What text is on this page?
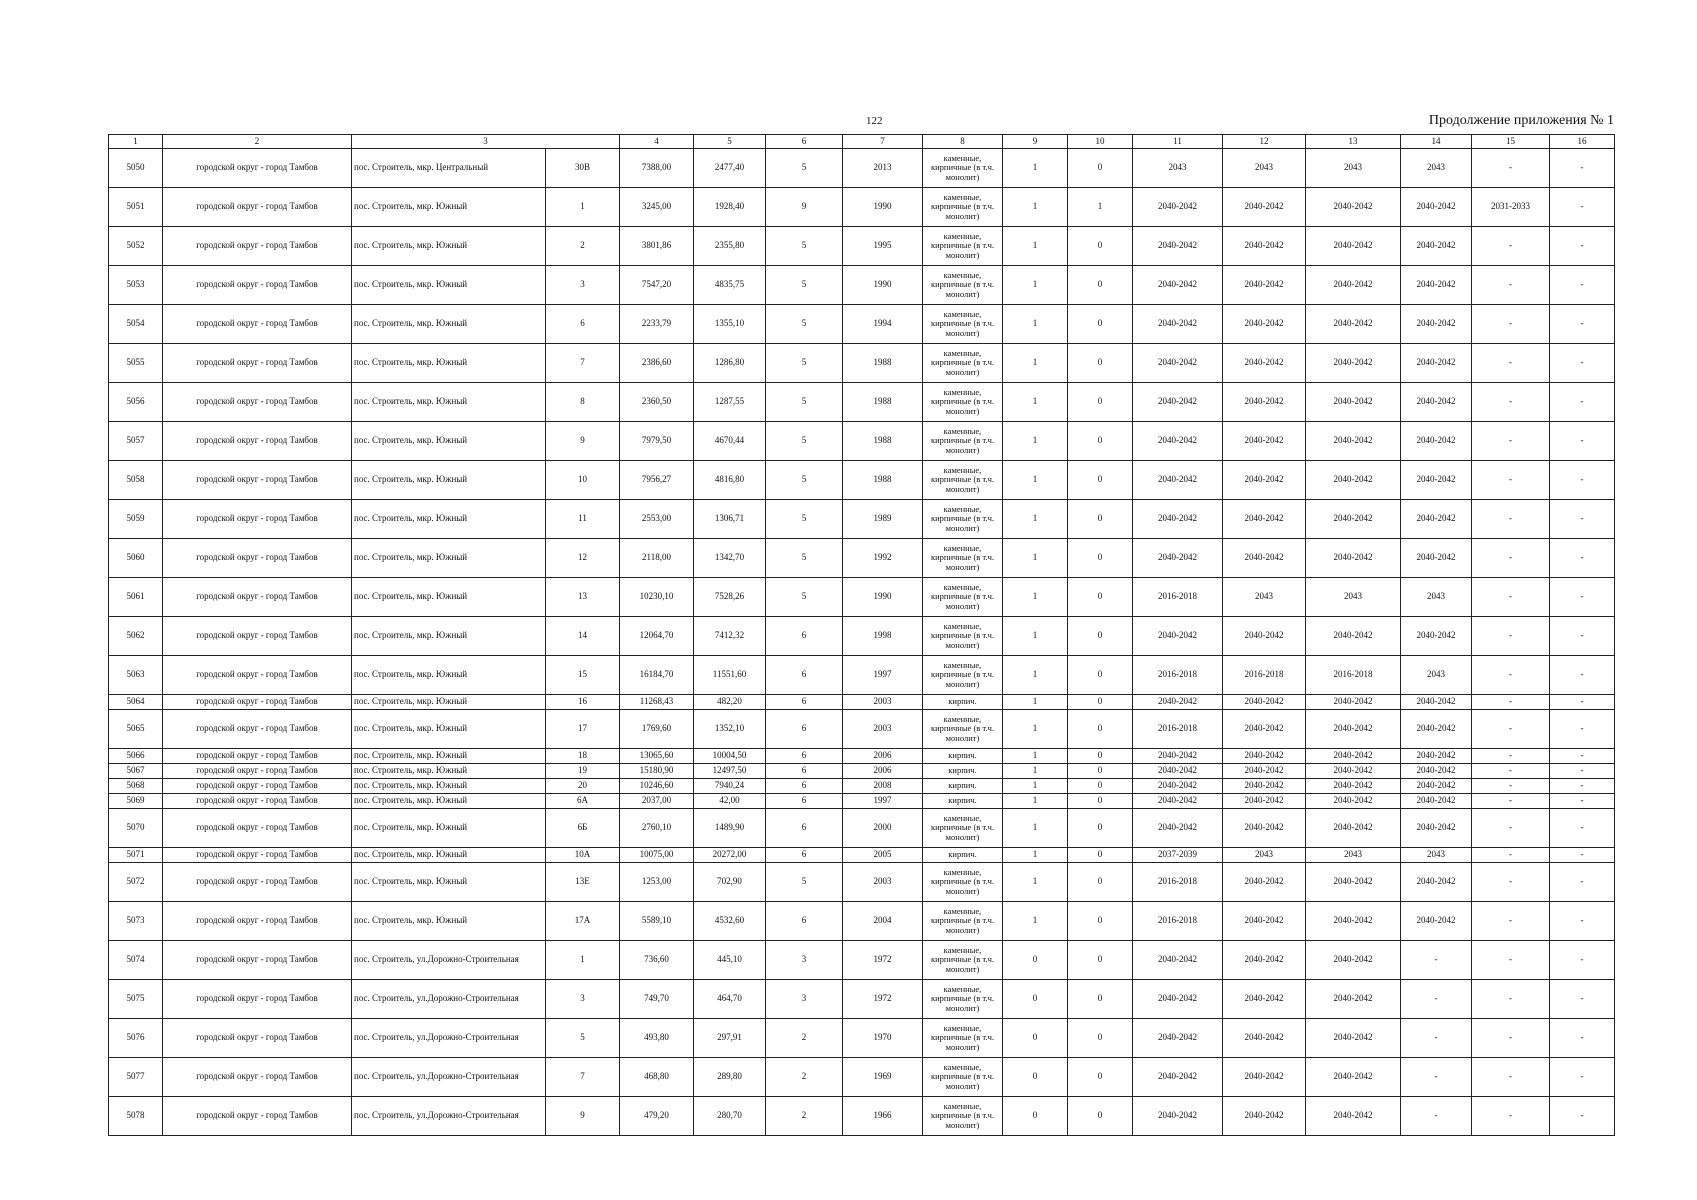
122	Продолжение приложения № 1
1	2	3		4	5	6	7	8	9	10	11	12	13	14	15	16
5050	городской округ - город Тамбов	пос. Строитель, мкр. Центральный	30В	7388,00	2477,40	5	2013	каменные, кирпичные (в т.ч. монолит)	1	0	2043	2043	2043	2043	-	-
5051	городской округ - город Тамбов	пос. Строитель, мкр. Южный	1	3245,00	1928,40	9	1990	каменные, кирпичные (в т.ч. монолит)	1	1	2040-2042	2040-2042	2040-2042	2040-2042	2031-2033	-
5052	городской округ - город Тамбов	пос. Строитель, мкр. Южный	2	3801,86	2355,80	5	1995	каменные, кирпичные (в т.ч. монолит)	1	0	2040-2042	2040-2042	2040-2042	2040-2042	-	-
5053	городской округ - город Тамбов	пос. Строитель, мкр. Южный	3	7547,20	4835,75	5	1990	каменные, кирпичные (в т.ч. монолит)	1	0	2040-2042	2040-2042	2040-2042	2040-2042	-	-
5054	городской округ - город Тамбов	пос. Строитель, мкр. Южный	6	2233,79	1355,10	5	1994	каменные, кирпичные (в т.ч. монолит)	1	0	2040-2042	2040-2042	2040-2042	2040-2042	-	-
5055	городской округ - город Тамбов	пос. Строитель, мкр. Южный	7	2386,60	1286,80	5	1988	каменные, кирпичные (в т.ч. монолит)	1	0	2040-2042	2040-2042	2040-2042	2040-2042	-	-
5056	городской округ - город Тамбов	пос. Строитель, мкр. Южный	8	2360,50	1287,55	5	1988	каменные, кирпичные (в т.ч. монолит)	1	0	2040-2042	2040-2042	2040-2042	2040-2042	-	-
5057	городской округ - город Тамбов	пос. Строитель, мкр. Южный	9	7979,50	4670,44	5	1988	каменные, кирпичные (в т.ч. монолит)	1	0	2040-2042	2040-2042	2040-2042	2040-2042	-	-
5058	городской округ - город Тамбов	пос. Строитель, мкр. Южный	10	7956,27	4816,80	5	1988	каменные, кирпичные (в т.ч. монолит)	1	0	2040-2042	2040-2042	2040-2042	2040-2042	-	-
5059	городской округ - город Тамбов	пос. Строитель, мкр. Южный	11	2553,00	1306,71	5	1989	каменные, кирпичные (в т.ч. монолит)	1	0	2040-2042	2040-2042	2040-2042	2040-2042	-	-
5060	городской округ - город Тамбов	пос. Строитель, мкр. Южный	12	2118,00	1342,70	5	1992	каменные, кирпичные (в т.ч. монолит)	1	0	2040-2042	2040-2042	2040-2042	2040-2042	-	-
5061	городской округ - город Тамбов	пос. Строитель, мкр. Южный	13	10230,10	7528,26	5	1990	каменные, кирпичные (в т.ч. монолит)	1	0	2016-2018	2043	2043	2043	-	-
5062	городской округ - город Тамбов	пос. Строитель, мкр. Южный	14	12064,70	7412,32	6	1998	каменные, кирпичные (в т.ч. монолит)	1	0	2040-2042	2040-2042	2040-2042	2040-2042	-	-
5063	городской округ - город Тамбов	пос. Строитель, мкр. Южный	15	16184,70	11551,60	6	1997	каменные, кирпичные (в т.ч. монолит)	1	0	2016-2018	2016-2018	2016-2018	2043	-	-
5064	городской округ - город Тамбов	пос. Строитель, мкр. Южный	16	11268,43	482,20	6	2003	кирпич.	1	0	2040-2042	2040-2042	2040-2042	2040-2042	-	-
5065	городской округ - город Тамбов	пос. Строитель, мкр. Южный	17	1769,60	1352,10	6	2003	каменные, кирпичные (в т.ч. монолит)	1	0	2016-2018	2040-2042	2040-2042	2040-2042	-	-
5066	городской округ - город Тамбов	пос. Строитель, мкр. Южный	18	13065,60	10004,50	6	2006	кирпич.	1	0	2040-2042	2040-2042	2040-2042	2040-2042	-	-
5067	городской округ - город Тамбов	пос. Строитель, мкр. Южный	19	15180,90	12497,50	6	2006	кирпич.	1	0	2040-2042	2040-2042	2040-2042	2040-2042	-	-
5068	городской округ - город Тамбов	пос. Строитель, мкр. Южный	20	10246,60	7940,24	6	2008	кирпич.	1	0	2040-2042	2040-2042	2040-2042	2040-2042	-	-
5069	городской округ - город Тамбов	пос. Строитель, мкр. Южный	6А	2037,00	42,00	6	1997	кирпич.	1	0	2040-2042	2040-2042	2040-2042	2040-2042	-	-
5070	городской округ - город Тамбов	пос. Строитель, мкр. Южный	6Б	2760,10	1489,90	6	2000	каменные, кирпичные (в т.ч. монолит)	1	0	2040-2042	2040-2042	2040-2042	2040-2042	-	-
5071	городской округ - город Тамбов	пос. Строитель, мкр. Южный	10А	10075,00	20272,00	6	2005	кирпич.	1	0	2037-2039	2043	2043	2043	-	-
5072	городской округ - город Тамбов	пос. Строитель, мкр. Южный	13Е	1253,00	702,90	5	2003	каменные, кирпичные (в т.ч. монолит)	1	0	2016-2018	2040-2042	2040-2042	2040-2042	-	-
5073	городской округ - город Тамбов	пос. Строитель, мкр. Южный	17А	5589,10	4532,60	6	2004	каменные, кирпичные (в т.ч. монолит)	1	0	2016-2018	2040-2042	2040-2042	2040-2042	-	-
5074	городской округ - город Тамбов	пос. Строитель, ул.Дорожно-Строительная	1	736,60	445,10	3	1972	каменные, кирпичные (в т.ч. монолит)	0	0	2040-2042	2040-2042	2040-2042	-	-	-
5075	городской округ - город Тамбов	пос. Строитель, ул.Дорожно-Строительная	3	749,70	464,70	3	1972	каменные, кирпичные (в т.ч. монолит)	0	0	2040-2042	2040-2042	2040-2042	-	-	-
5076	городской округ - город Тамбов	пос. Строитель, ул.Дорожно-Строительная	5	493,80	297,91	2	1970	каменные, кирпичные (в т.ч. монолит)	0	0	2040-2042	2040-2042	2040-2042	-	-	-
5077	городской округ - город Тамбов	пос. Строитель, ул.Дорожно-Строительная	7	468,80	289,80	2	1969	каменные, кирпичные (в т.ч. монолит)	0	0	2040-2042	2040-2042	2040-2042	-	-	-
5078	городской округ - город Тамбов	пос. Строитель, ул.Дорожно-Строительная	9	479,20	280,70	2	1966	каменные, кирпичные (в т.ч. монолит)	0	0	2040-2042	2040-2042	2040-2042	-	-	-
